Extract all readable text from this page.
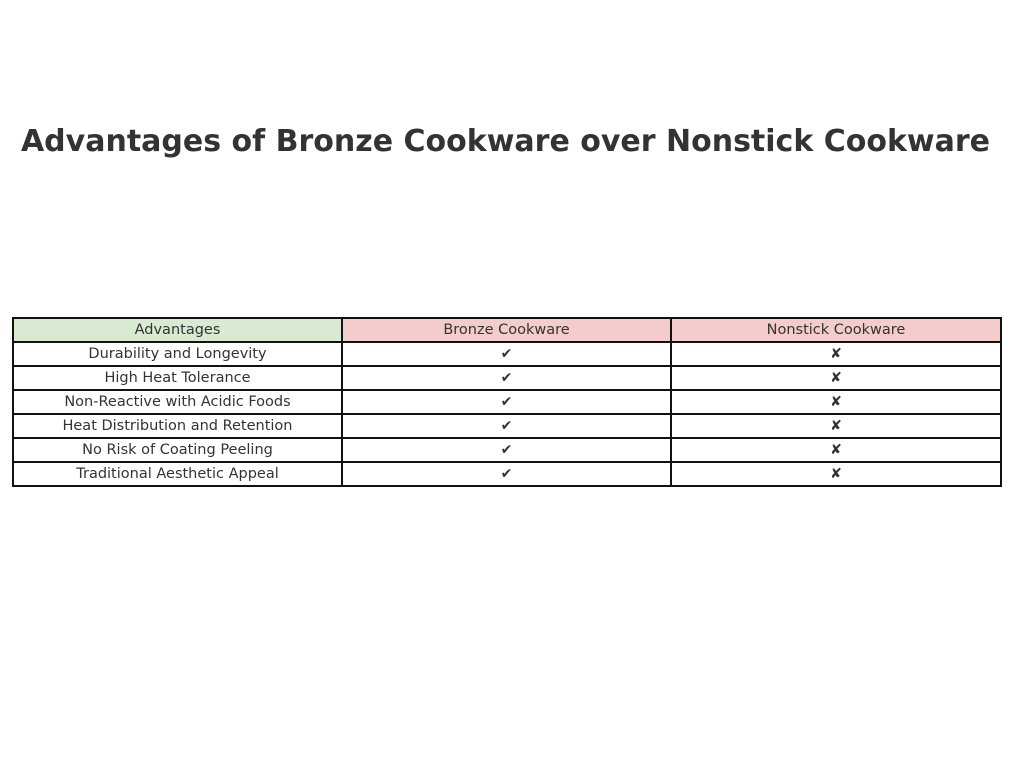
Advantages of Bronze Cookware over Nonstick Cookware
Advantages	Bronze Cookware	Nonstick Cookware
Durability and Longevity	✔	✘
High Heat Tolerance	✔	✘
Non-Reactive with Acidic Foods	✔	✘
Heat Distribution and Retention	✔	✘
No Risk of Coating Peeling	✔	✘
Traditional Aesthetic Appeal	✔	✘
